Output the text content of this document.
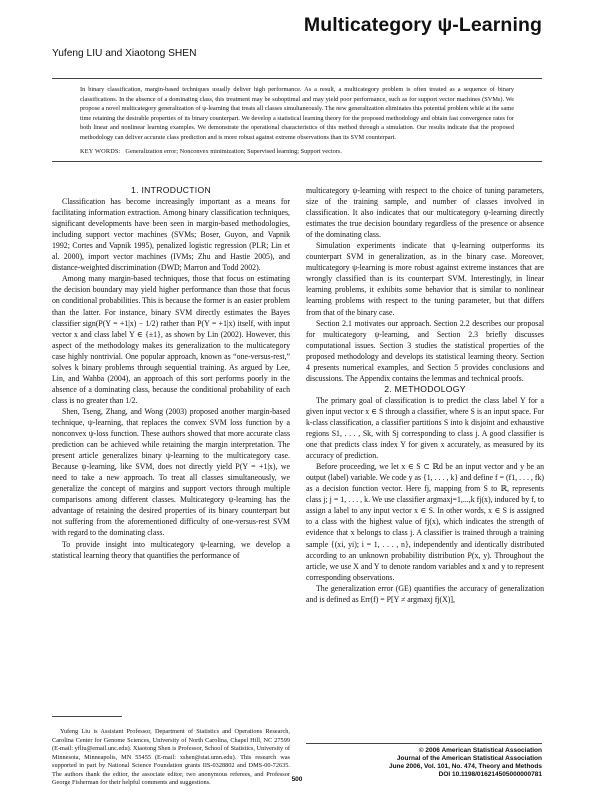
Multicategory ψ-Learning
Yufeng LIU and Xiaotong SHEN

In binary classification, margin-based techniques usually deliver high performance. As a result, a multicategory problem is often treated as a sequence of binary classifications. In the absence of a dominating class, this treatment may be suboptimal and may yield poor performance, such as for support vector machines (SVMs). We propose a novel multicategory generalization of ψ-learning that treats all classes simultaneously. The new generalization eliminates this potential problem while at the same time retaining the desirable properties of its binary counterpart. We develop a statistical learning theory for the proposed methodology and obtain fast convergence rates for both linear and nonlinear learning examples. We demonstrate the operational characteristics of this method through a simulation. Our results indicate that the proposed methodology can deliver accurate class prediction and is more robust against extreme observations than its SVM counterpart.

KEY WORDS: Generalization error; Nonconvex minimization; Supervised learning; Support vectors.

1. INTRODUCTION

Classification has become increasingly important as a means for facilitating information extraction. Among binary classification techniques, significant developments have been seen in margin-based methodologies, including support vector machines (SVMs; Boser, Guyon, and Vapnik 1992; Cortes and Vapnik 1995), penalized logistic regression (PLR; Lin et al. 2000), import vector machines (IVMs; Zhu and Hastie 2005), and distance-weighted discrimination (DWD; Marron and Todd 2002).

Among many margin-based techniques, those that focus on estimating the decision boundary may yield higher performance than those that focus on conditional probabilities. This is because the former is an easier problem than the latter. For instance, binary SVM directly estimates the Bayes classifier sign(P(Y = +1|x) − 1/2) rather than P(Y = +1|x) itself, with input vector x and class label Y ∈ {±1}, as shown by Lin (2002). However, this aspect of the methodology makes its generalization to the multicategory case highly nontrivial. One popular approach, known as “one-versus-rest,” solves k binary problems through sequential training. As argued by Lee, Lin, and Wahba (2004), an approach of this sort performs poorly in the absence of a dominating class, because the conditional probability of each class is no greater than 1/2.

Shen, Tseng, Zhang, and Wong (2003) proposed another margin-based technique, ψ-learning, that replaces the convex SVM loss function by a nonconvex ψ-loss function. These authors showed that more accurate class prediction can be achieved while retaining the margin interpretation. The present article generalizes binary ψ-learning to the multicategory case. Because ψ-learning, like SVM, does not directly yield P(Y = +1|x), we need to take a new approach. To treat all classes simultaneously, we generalize the concept of margins and support vectors through multiple comparisons among different classes. Multicategory ψ-learning has the advantage of retaining the desired properties of its binary counterpart but not suffering from the aforementioned difficulty of one-versus-rest SVM with regard to the dominating class.

To provide insight into multicategory ψ-learning, we develop a statistical learning theory that quantifies the performance of

multicategory ψ-learning with respect to the choice of tuning parameters, size of the training sample, and number of classes involved in classification. It also indicates that our multicategory ψ-learning directly estimates the true decision boundary regardless of the presence or absence of the dominating class.

Simulation experiments indicate that ψ-learning outperforms its counterpart SVM in generalization, as in the binary case. Moreover, multicategory ψ-learning is more robust against extreme instances that are wrongly classified than is its counterpart SVM. Interestingly, in linear learning problems, it exhibits some behavior that is similar to nonlinear learning problems with respect to the tuning parameter, but that differs from that of the binary case.

Section 2.1 motivates our approach. Section 2.2 describes our proposal for multicategory ψ-learning, and Section 2.3 briefly discusses computational issues. Section 3 studies the statistical properties of the proposed methodology and develops its statistical learning theory. Section 4 presents numerical examples, and Section 5 provides conclusions and discussions. The Appendix contains the lemmas and technical proofs.

2. METHODOLOGY

The primary goal of classification is to predict the class label Y for a given input vector x ∈ S through a classifier, where S is an input space. For k-class classification, a classifier partitions S into k disjoint and exhaustive regions S1, . . . , Sk, with Sj corresponding to class j. A good classifier is one that predicts class index Y for given x accurately, as measured by its accuracy of prediction.

Before proceeding, we let x ∈ S ⊂ ℝd be an input vector and y be an output (label) variable. We code y as {1, . . . , k} and define f = (f1, . . . , fk) as a decision function vector. Here fj, mapping from S to ℝ, represents class j; j = 1, . . . , k. We use classifier argmaxj=1,...,k fj(x), induced by f, to assign a label to any input vector x ∈ S. In other words, x ∈ S is assigned to a class with the highest value of fj(x), which indicates the strength of evidence that x belongs to class j. A classifier is trained through a training sample {(xi, yi); i = 1, . . . , n}, independently and identically distributed according to an unknown probability distribution P(x, y). Throughout the article, we use X and Y to denote random variables and x and y to represent corresponding observations.

The generalization error (GE) quantifies the accuracy of generalization and is defined as Err(f) = P[Y ≠ argmaxj fj(X)],

Yufeng Liu is Assistant Professor, Department of Statistics and Operations Research, Carolina Center for Genome Sciences, University of North Carolina, Chapel Hill, NC 27599 (E-mail: yfliu@email.unc.edu). Xiaotong Shen is Professor, School of Statistics, University of Minnesota, Minneapolis, MN 55455 (E-mail: xshen@stat.umn.edu). This research was supported in part by National Science Foundation grants IIS-0328802 and DMS-00-72635. The authors thank the editor, the associate editor, two anonymous referees, and Professor George Fisherman for their helpful comments and suggestions.

© 2006 American Statistical Association
Journal of the American Statistical Association
June 2006, Vol. 101, No. 474, Theory and Methods
DOI 10.1198/016214505000000781
500
